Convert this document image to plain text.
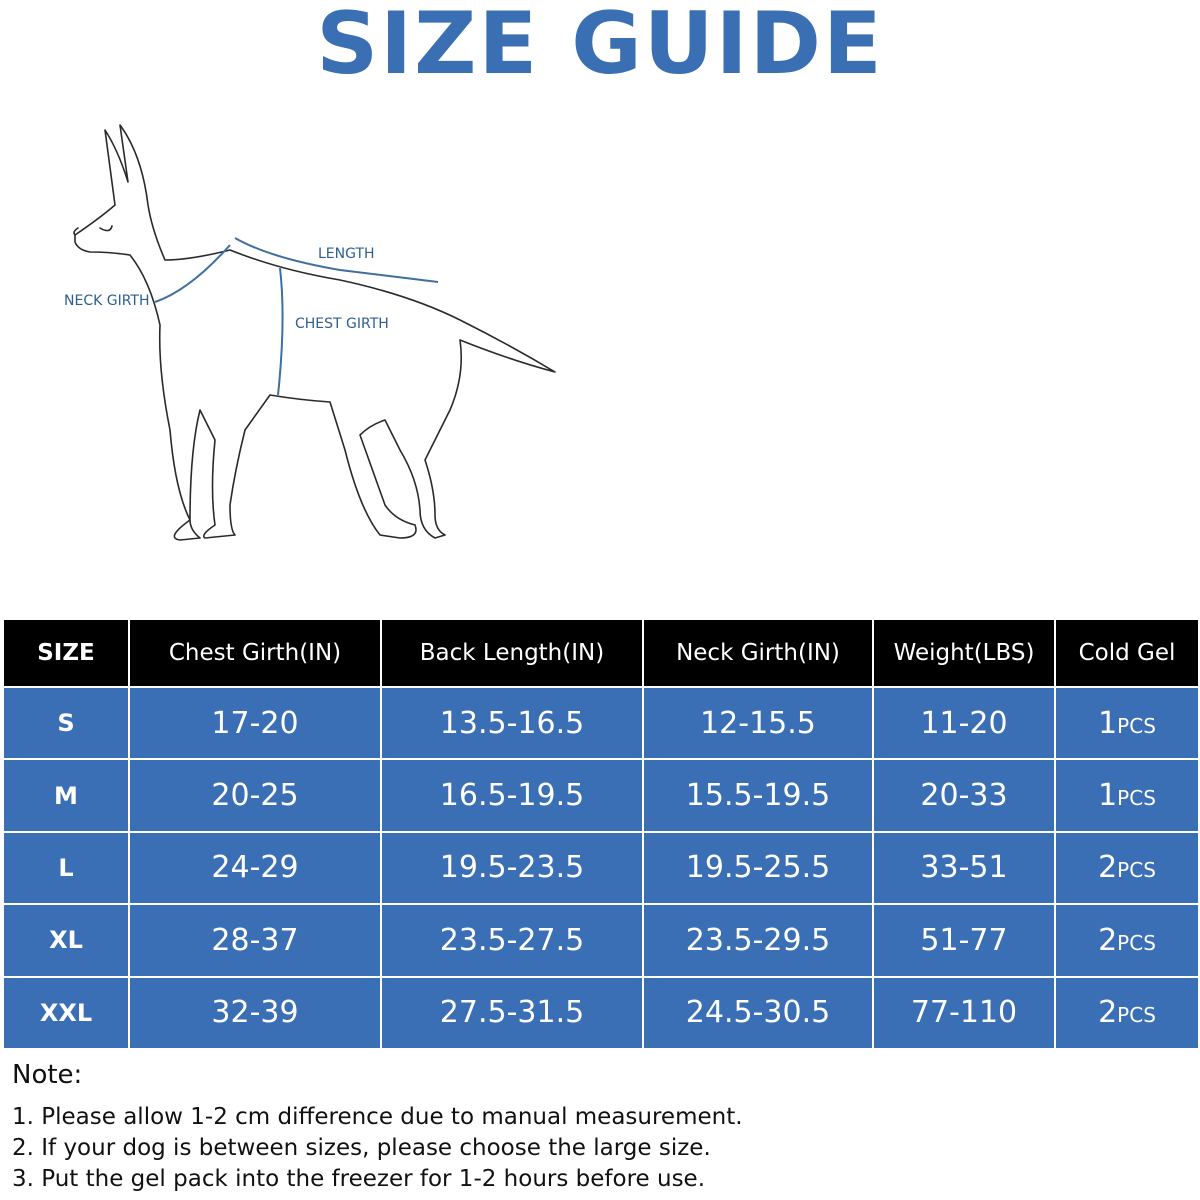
SIZE GUIDE
NECK GIRTH
LENGTH
CHEST GIRTH
SIZE	Chest Girth(IN)	Back Length(IN)	Neck Girth(IN)	Weight(LBS)	Cold Gel
S	17-20	13.5-16.5	12-15.5	11-20	1PCS
M	20-25	16.5-19.5	15.5-19.5	20-33	1PCS
L	24-29	19.5-23.5	19.5-25.5	33-51	2PCS
XL	28-37	23.5-27.5	23.5-29.5	51-77	2PCS
XXL	32-39	27.5-31.5	24.5-30.5	77-110	2PCS
Note:
1. Please allow 1-2 cm difference due to manual measurement.
2. If your dog is between sizes, please choose the large size.
3. Put the gel pack into the freezer for 1-2 hours before use.
